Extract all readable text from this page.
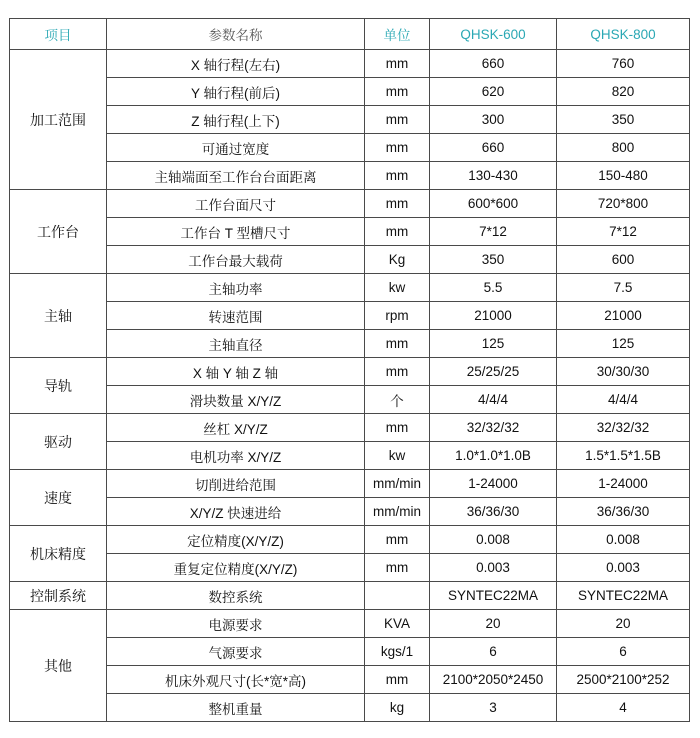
项目	参数名称	单位	QHSK-600	QHSK-800
加工范围	X 轴行程(左右)	mm	660	760
	Y 轴行程(前后)	mm	620	820
	Z 轴行程(上下)	mm	300	350
	可通过宽度	mm	660	800
	主轴端面至工作台台面距离	mm	130-430	150-480
工作台	工作台面尺寸	mm	600*600	720*800
	工作台 T 型槽尺寸	mm	7*12	7*12
	工作台最大载荷	Kg	350	600
主轴	主轴功率	kw	5.5	7.5
	转速范围	rpm	21000	21000
	主轴直径	mm	125	125
导轨	X 轴 Y 轴 Z 轴	mm	25/25/25	30/30/30
	滑块数量 X/Y/Z	个	4/4/4	4/4/4
驱动	丝杠 X/Y/Z	mm	32/32/32	32/32/32
	电机功率 X/Y/Z	kw	1.0*1.0*1.0B	1.5*1.5*1.5B
速度	切削进给范围	mm/min	1-24000	1-24000
	X/Y/Z 快速进给	mm/min	36/36/30	36/36/30
机床精度	定位精度(X/Y/Z)	mm	0.008	0.008
	重复定位精度(X/Y/Z)	mm	0.003	0.003
控制系统	数控系统		SYNTEC22MA	SYNTEC22MA
其他	电源要求	KVA	20	20
	气源要求	kgs/1	6	6
	机床外观尺寸(长*宽*高)	mm	2100*2050*2450	2500*2100*252
	整机重量	kg	3	4
